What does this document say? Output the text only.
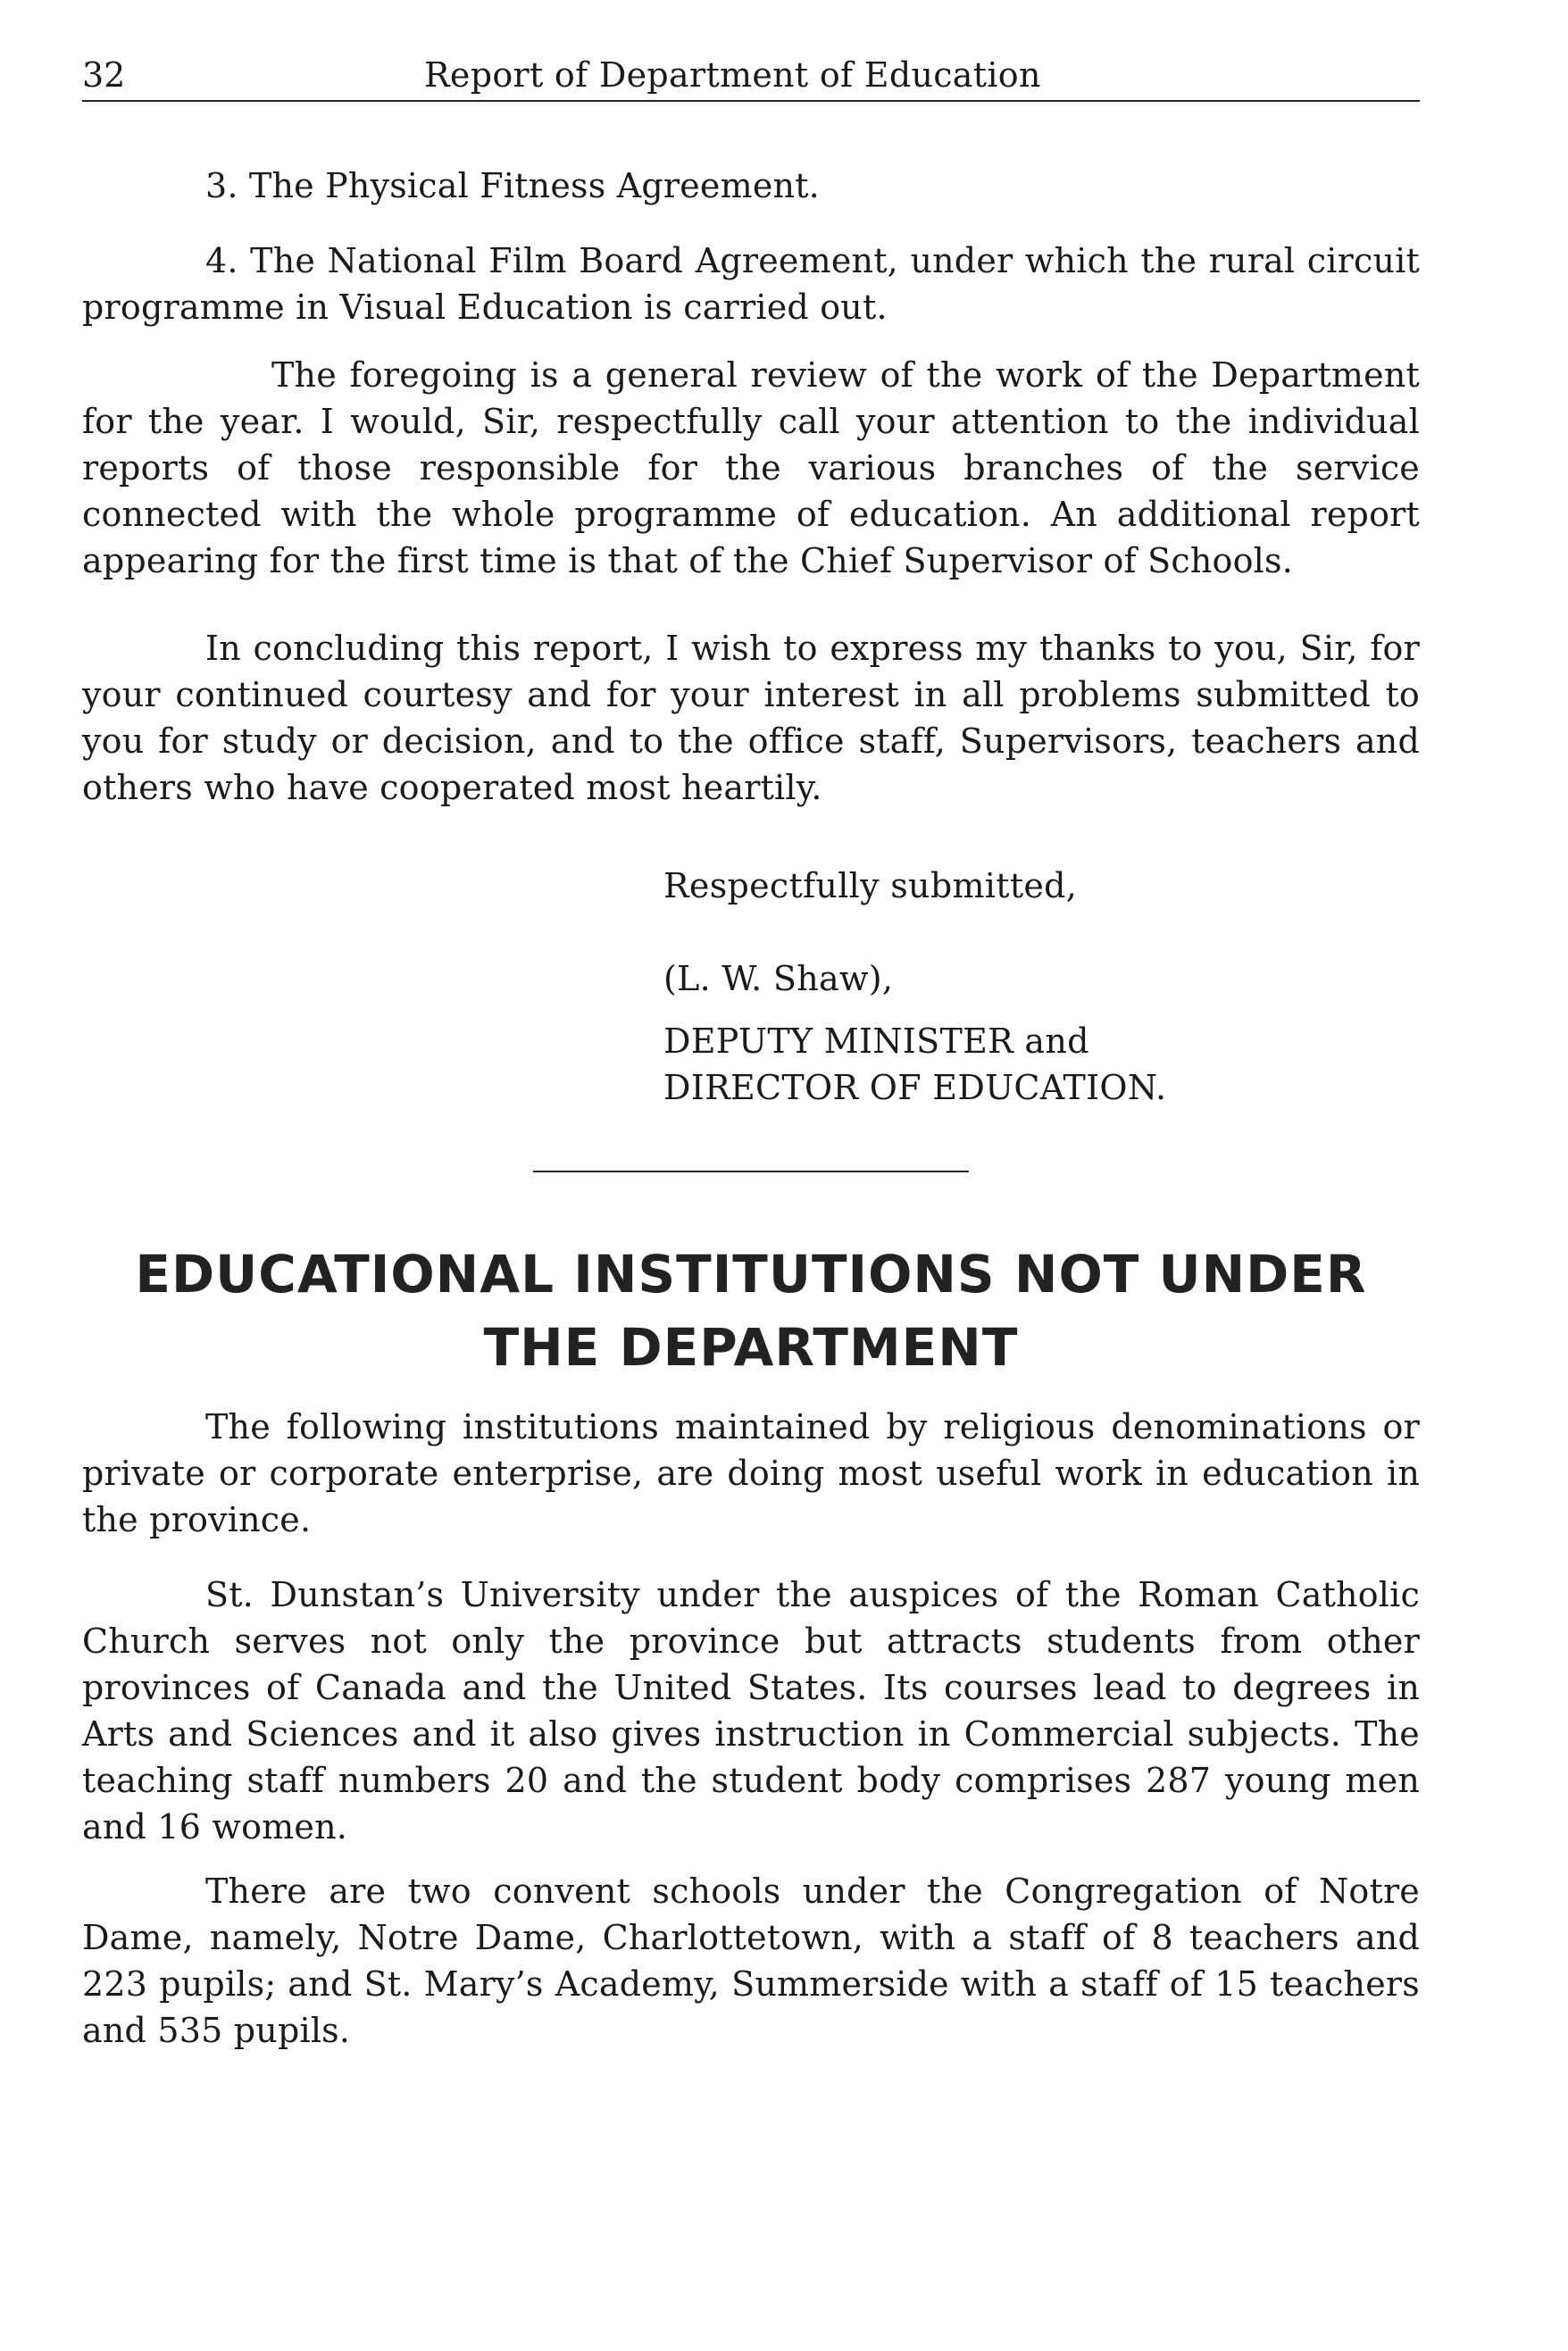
32	Report of Department of Education

3. The Physical Fitness Agreement.

4. The National Film Board Agreement, under which the rural circuit programme in Visual Education is carried out.

The foregoing is a general review of the work of the Department for the year. I would, Sir, respectfully call your attention to the individual reports of those responsible for the various branches of the service connected with the whole programme of education. An additional report appearing for the first time is that of the Chief Supervisor of Schools.

In concluding this report, I wish to express my thanks to you, Sir, for your continued courtesy and for your interest in all problems submitted to you for study or decision, and to the office staff, Supervisors, teachers and others who have cooperated most heartily.

Respectfully submitted,

(L. W. Shaw),

DEPUTY MINISTER and

DIRECTOR OF EDUCATION.

EDUCATIONAL INSTITUTIONS NOT UNDER
THE DEPARTMENT

The following institutions maintained by religious denominations or private or corporate enterprise, are doing most useful work in education in the province.

St. Dunstan’s University under the auspices of the Roman Catholic Church serves not only the province but attracts students from other provinces of Canada and the United States. Its courses lead to degrees in Arts and Sciences and it also gives instruction in Commercial subjects. The teaching staff numbers 20 and the student body comprises 287 young men and 16 women.

There are two convent schools under the Congregation of Notre Dame, namely, Notre Dame, Charlottetown, with a staff of 8 teachers and 223 pupils; and St. Mary’s Academy, Summerside with a staff of 15 teachers and 535 pupils.
